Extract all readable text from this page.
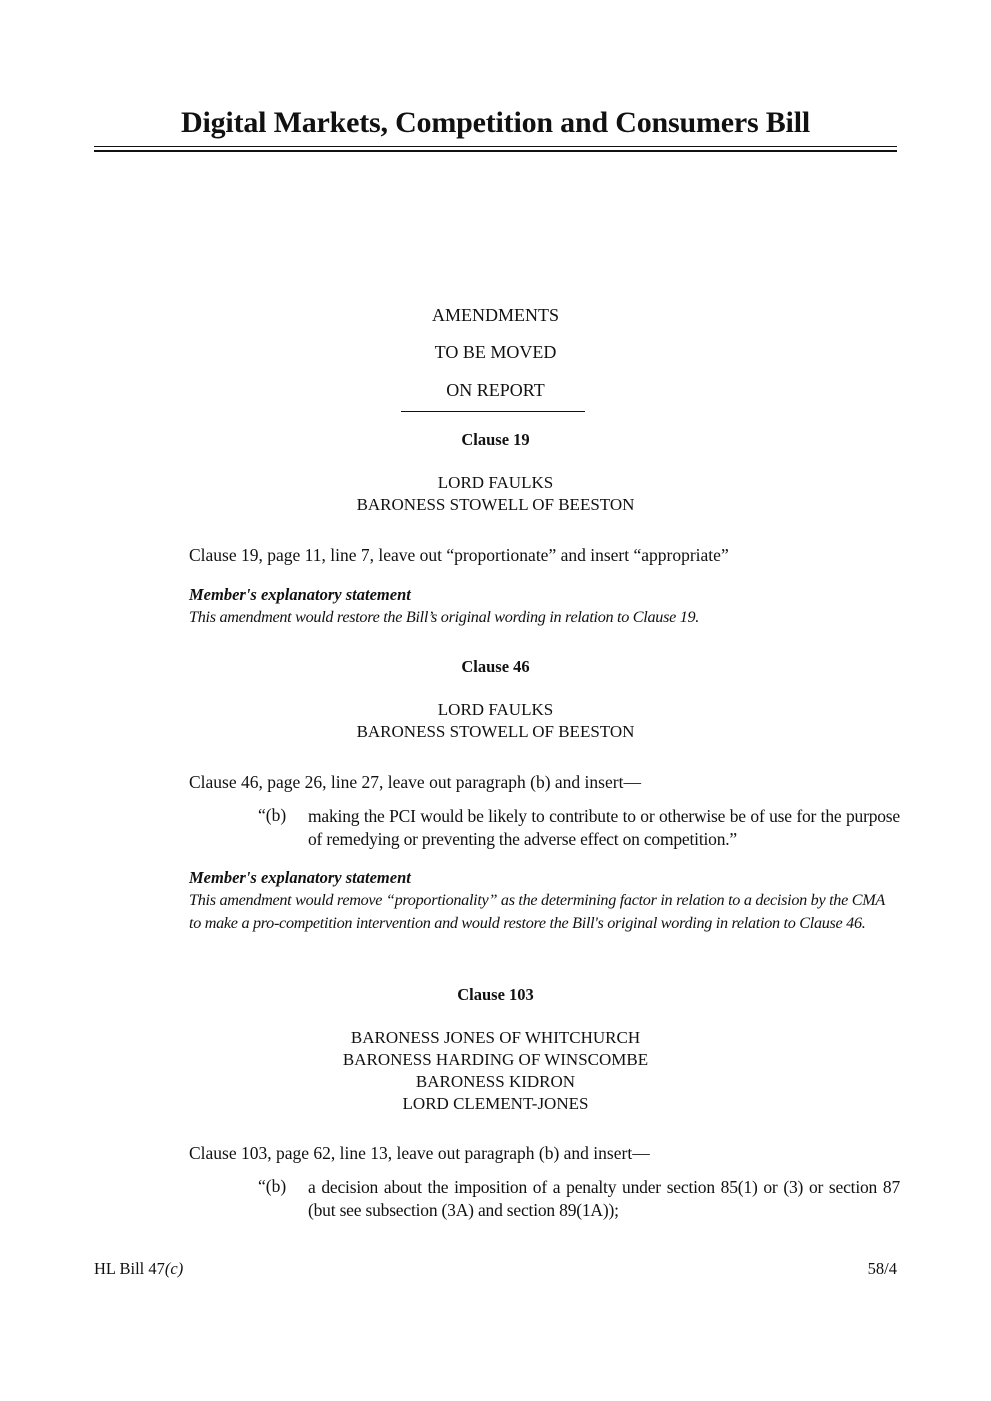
Digital Markets, Competition and Consumers Bill
AMENDMENTS
TO BE MOVED
ON REPORT
Clause 19
LORD FAULKS
BARONESS STOWELL OF BEESTON
Clause 19, page 11, line 7, leave out “proportionate” and insert “appropriate”
Member's explanatory statement
This amendment would restore the Bill’s original wording in relation to Clause 19.
Clause 46
LORD FAULKS
BARONESS STOWELL OF BEESTON
Clause 46, page 26, line 27, leave out paragraph (b) and insert—
“(b) making the PCI would be likely to contribute to or otherwise be of use for the purpose of remedying or preventing the adverse effect on competition.”
Member's explanatory statement
This amendment would remove “proportionality” as the determining factor in relation to a decision by the CMA to make a pro-competition intervention and would restore the Bill's original wording in relation to Clause 46.
Clause 103
BARONESS JONES OF WHITCHURCH
BARONESS HARDING OF WINSCOMBE
BARONESS KIDRON
LORD CLEMENT-JONES
Clause 103, page 62, line 13, leave out paragraph (b) and insert—
“(b) a decision about the imposition of a penalty under section 85(1) or (3) or section 87 (but see subsection (3A) and section 89(1A));
HL Bill 47(c)	58/4
